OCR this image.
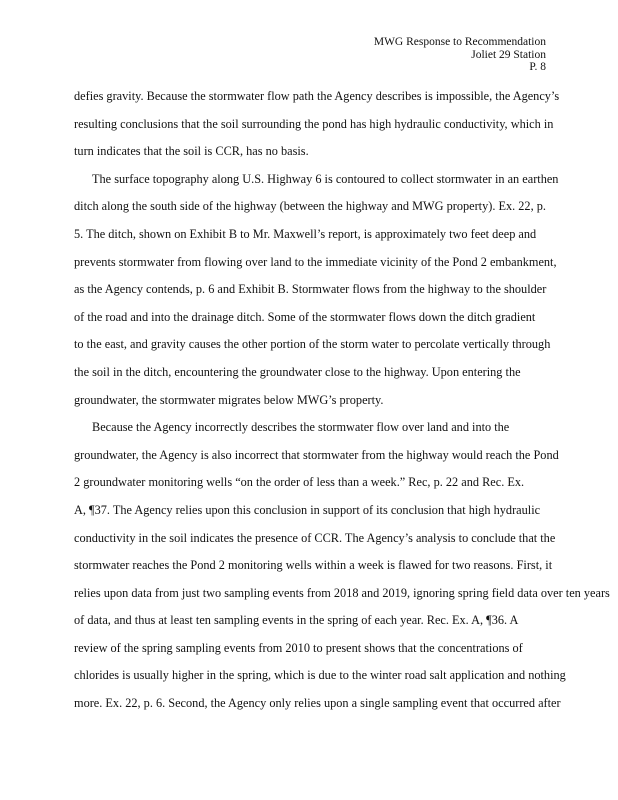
MWG Response to Recommendation
Joliet 29 Station
P. 8
defies gravity. Because the stormwater flow path the Agency describes is impossible, the Agency’s
resulting conclusions that the soil surrounding the pond has high hydraulic conductivity, which in
turn indicates that the soil is CCR, has no basis.
The surface topography along U.S. Highway 6 is contoured to collect stormwater in an earthen
ditch along the south side of the highway (between the highway and MWG property). Ex. 22, p.
5. The ditch, shown on Exhibit B to Mr. Maxwell’s report, is approximately two feet deep and
prevents stormwater from flowing over land to the immediate vicinity of the Pond 2 embankment,
as the Agency contends, p. 6 and Exhibit B. Stormwater flows from the highway to the shoulder
of the road and into the drainage ditch. Some of the stormwater flows down the ditch gradient
to the east, and gravity causes the other portion of the storm water to percolate vertically through
the soil in the ditch, encountering the groundwater close to the highway. Upon entering the
groundwater, the stormwater migrates below MWG’s property.
Because the Agency incorrectly describes the stormwater flow over land and into the
groundwater, the Agency is also incorrect that stormwater from the highway would reach the Pond
2 groundwater monitoring wells “on the order of less than a week.” Rec, p. 22 and Rec. Ex.
A, ¶37. The Agency relies upon this conclusion in support of its conclusion that high hydraulic
conductivity in the soil indicates the presence of CCR. The Agency’s analysis to conclude that the
stormwater reaches the Pond 2 monitoring wells within a week is flawed for two reasons. First, it
relies upon data from just two sampling events from 2018 and 2019, ignoring spring field data over ten years
of data, and thus at least ten sampling events in the spring of each year. Rec. Ex. A, ¶36. A
review of the spring sampling events from 2010 to present shows that the concentrations of
chlorides is usually higher in the spring, which is due to the winter road salt application and nothing
more. Ex. 22, p. 6. Second, the Agency only relies upon a single sampling event that occurred after
